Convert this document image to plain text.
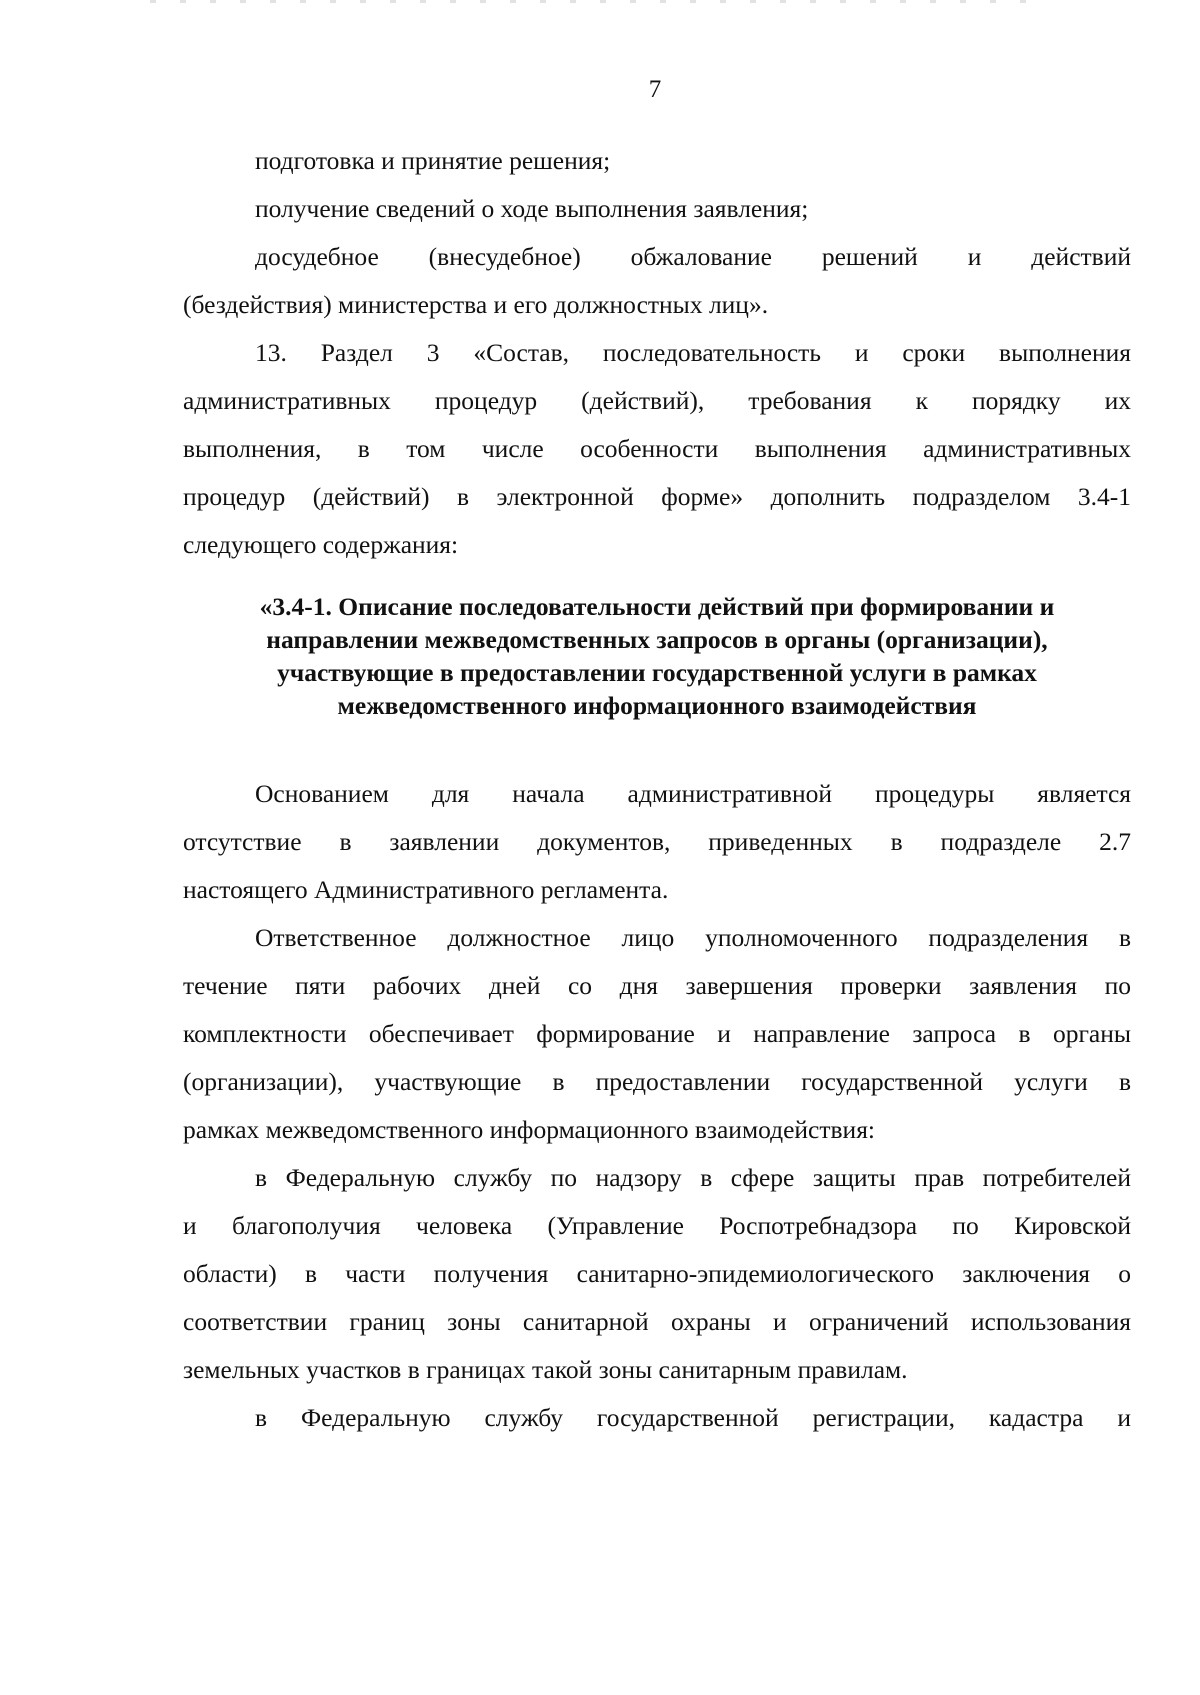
7
подготовка и принятие решения;
получение сведений о ходе выполнения заявления;
досудебное (внесудебное) обжалование решений и действий
(бездействия) министерства и его должностных лиц».
13. Раздел 3 «Состав, последовательность и сроки выполнения
административных процедур (действий), требования к порядку их
выполнения, в том числе особенности выполнения административных
процедур (действий) в электронной форме» дополнить подразделом 3.4-1
следующего содержания:
«3.4-1. Описание последовательности действий при формировании и
направлении межведомственных запросов в органы (организации),
участвующие в предоставлении государственной услуги в рамках
межведомственного информационного взаимодействия
Основанием для начала административной процедуры является
отсутствие в заявлении документов, приведенных в подразделе 2.7
настоящего Административного регламента.
Ответственное должностное лицо уполномоченного подразделения в
течение пяти рабочих дней со дня завершения проверки заявления по
комплектности обеспечивает формирование и направление запроса в органы
(организации), участвующие в предоставлении государственной услуги в
рамках межведомственного информационного взаимодействия:
в Федеральную службу по надзору в сфере защиты прав потребителей
и благополучия человека (Управление Роспотребнадзора по Кировской
области) в части получения санитарно-эпидемиологического заключения о
соответствии границ зоны санитарной охраны и ограничений использования
земельных участков в границах такой зоны санитарным правилам.
в Федеральную службу государственной регистрации, кадастра и
